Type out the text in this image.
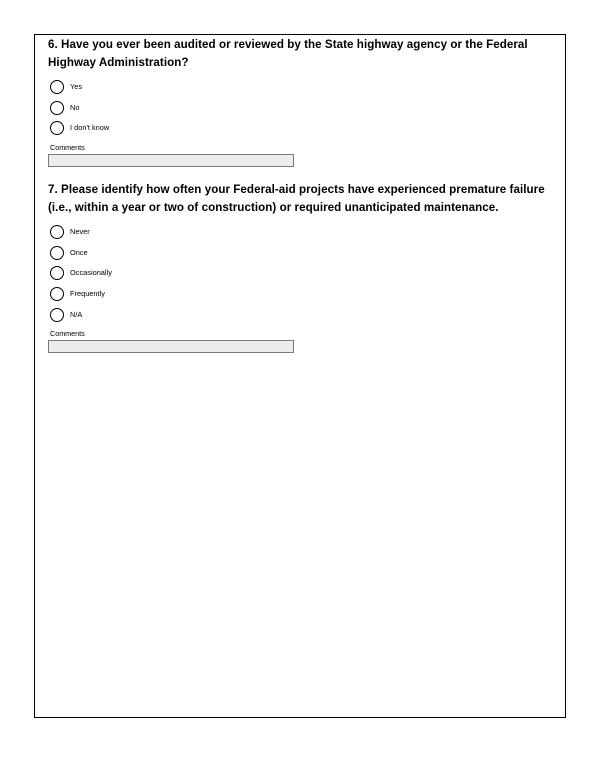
6. Have you ever been audited or reviewed by the State highway agency or the Federal Highway Administration?

Yes
No
I don't know
Comments

7. Please identify how often your Federal-aid projects have experienced premature failure (i.e., within a year or two of construction) or required unanticipated maintenance.

Never
Once
Occasionally
Frequently
N/A
Comments
